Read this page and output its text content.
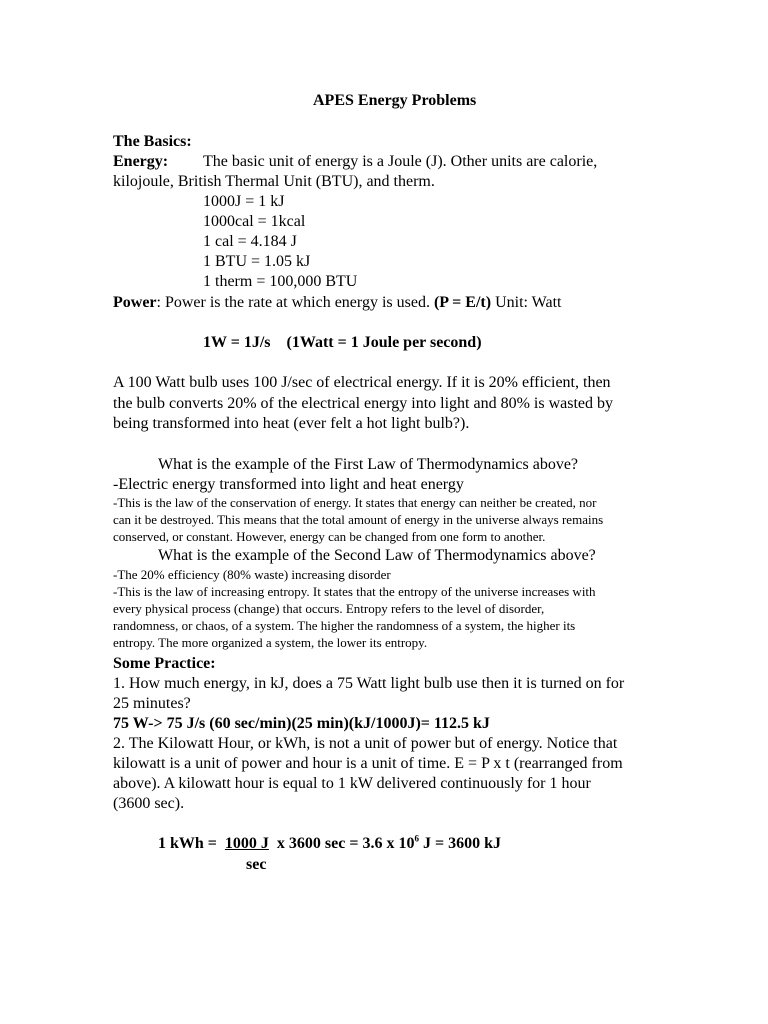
APES Energy Problems
The Basics:
Energy: The basic unit of energy is a Joule (J). Other units are calorie,
kilojoule, British Thermal Unit (BTU), and therm.
1000J = 1 kJ
1000cal = 1kcal
1 cal = 4.184 J
1 BTU = 1.05 kJ
1 therm = 100,000 BTU
Power: Power is the rate at which energy is used. (P = E/t) Unit: Watt
1W = 1J/s (1Watt = 1 Joule per second)
A 100 Watt bulb uses 100 J/sec of electrical energy. If it is 20% efficient, then
the bulb converts 20% of the electrical energy into light and 80% is wasted by
being transformed into heat (ever felt a hot light bulb?).
What is the example of the First Law of Thermodynamics above?
-Electric energy transformed into light and heat energy
-This is the law of the conservation of energy. It states that energy can neither be created, nor
can it be destroyed. This means that the total amount of energy in the universe always remains
conserved, or constant. However, energy can be changed from one form to another.
What is the example of the Second Law of Thermodynamics above?
-The 20% efficiency (80% waste) increasing disorder
-This is the law of increasing entropy. It states that the entropy of the universe increases with
every physical process (change) that occurs. Entropy refers to the level of disorder,
randomness, or chaos, of a system. The higher the randomness of a system, the higher its
entropy. The more organized a system, the lower its entropy.
Some Practice:
1. How much energy, in kJ, does a 75 Watt light bulb use then it is turned on for
25 minutes?
75 W-> 75 J/s (60 sec/min)(25 min)(kJ/1000J)= 112.5 kJ
2. The Kilowatt Hour, or kWh, is not a unit of power but of energy. Notice that
kilowatt is a unit of power and hour is a unit of time. E = P x t (rearranged from
above). A kilowatt hour is equal to 1 kW delivered continuously for 1 hour
(3600 sec).
1 kWh = 1000 J x 3600 sec = 3.6 x $10^6$ J = 3600 kJ
sec
